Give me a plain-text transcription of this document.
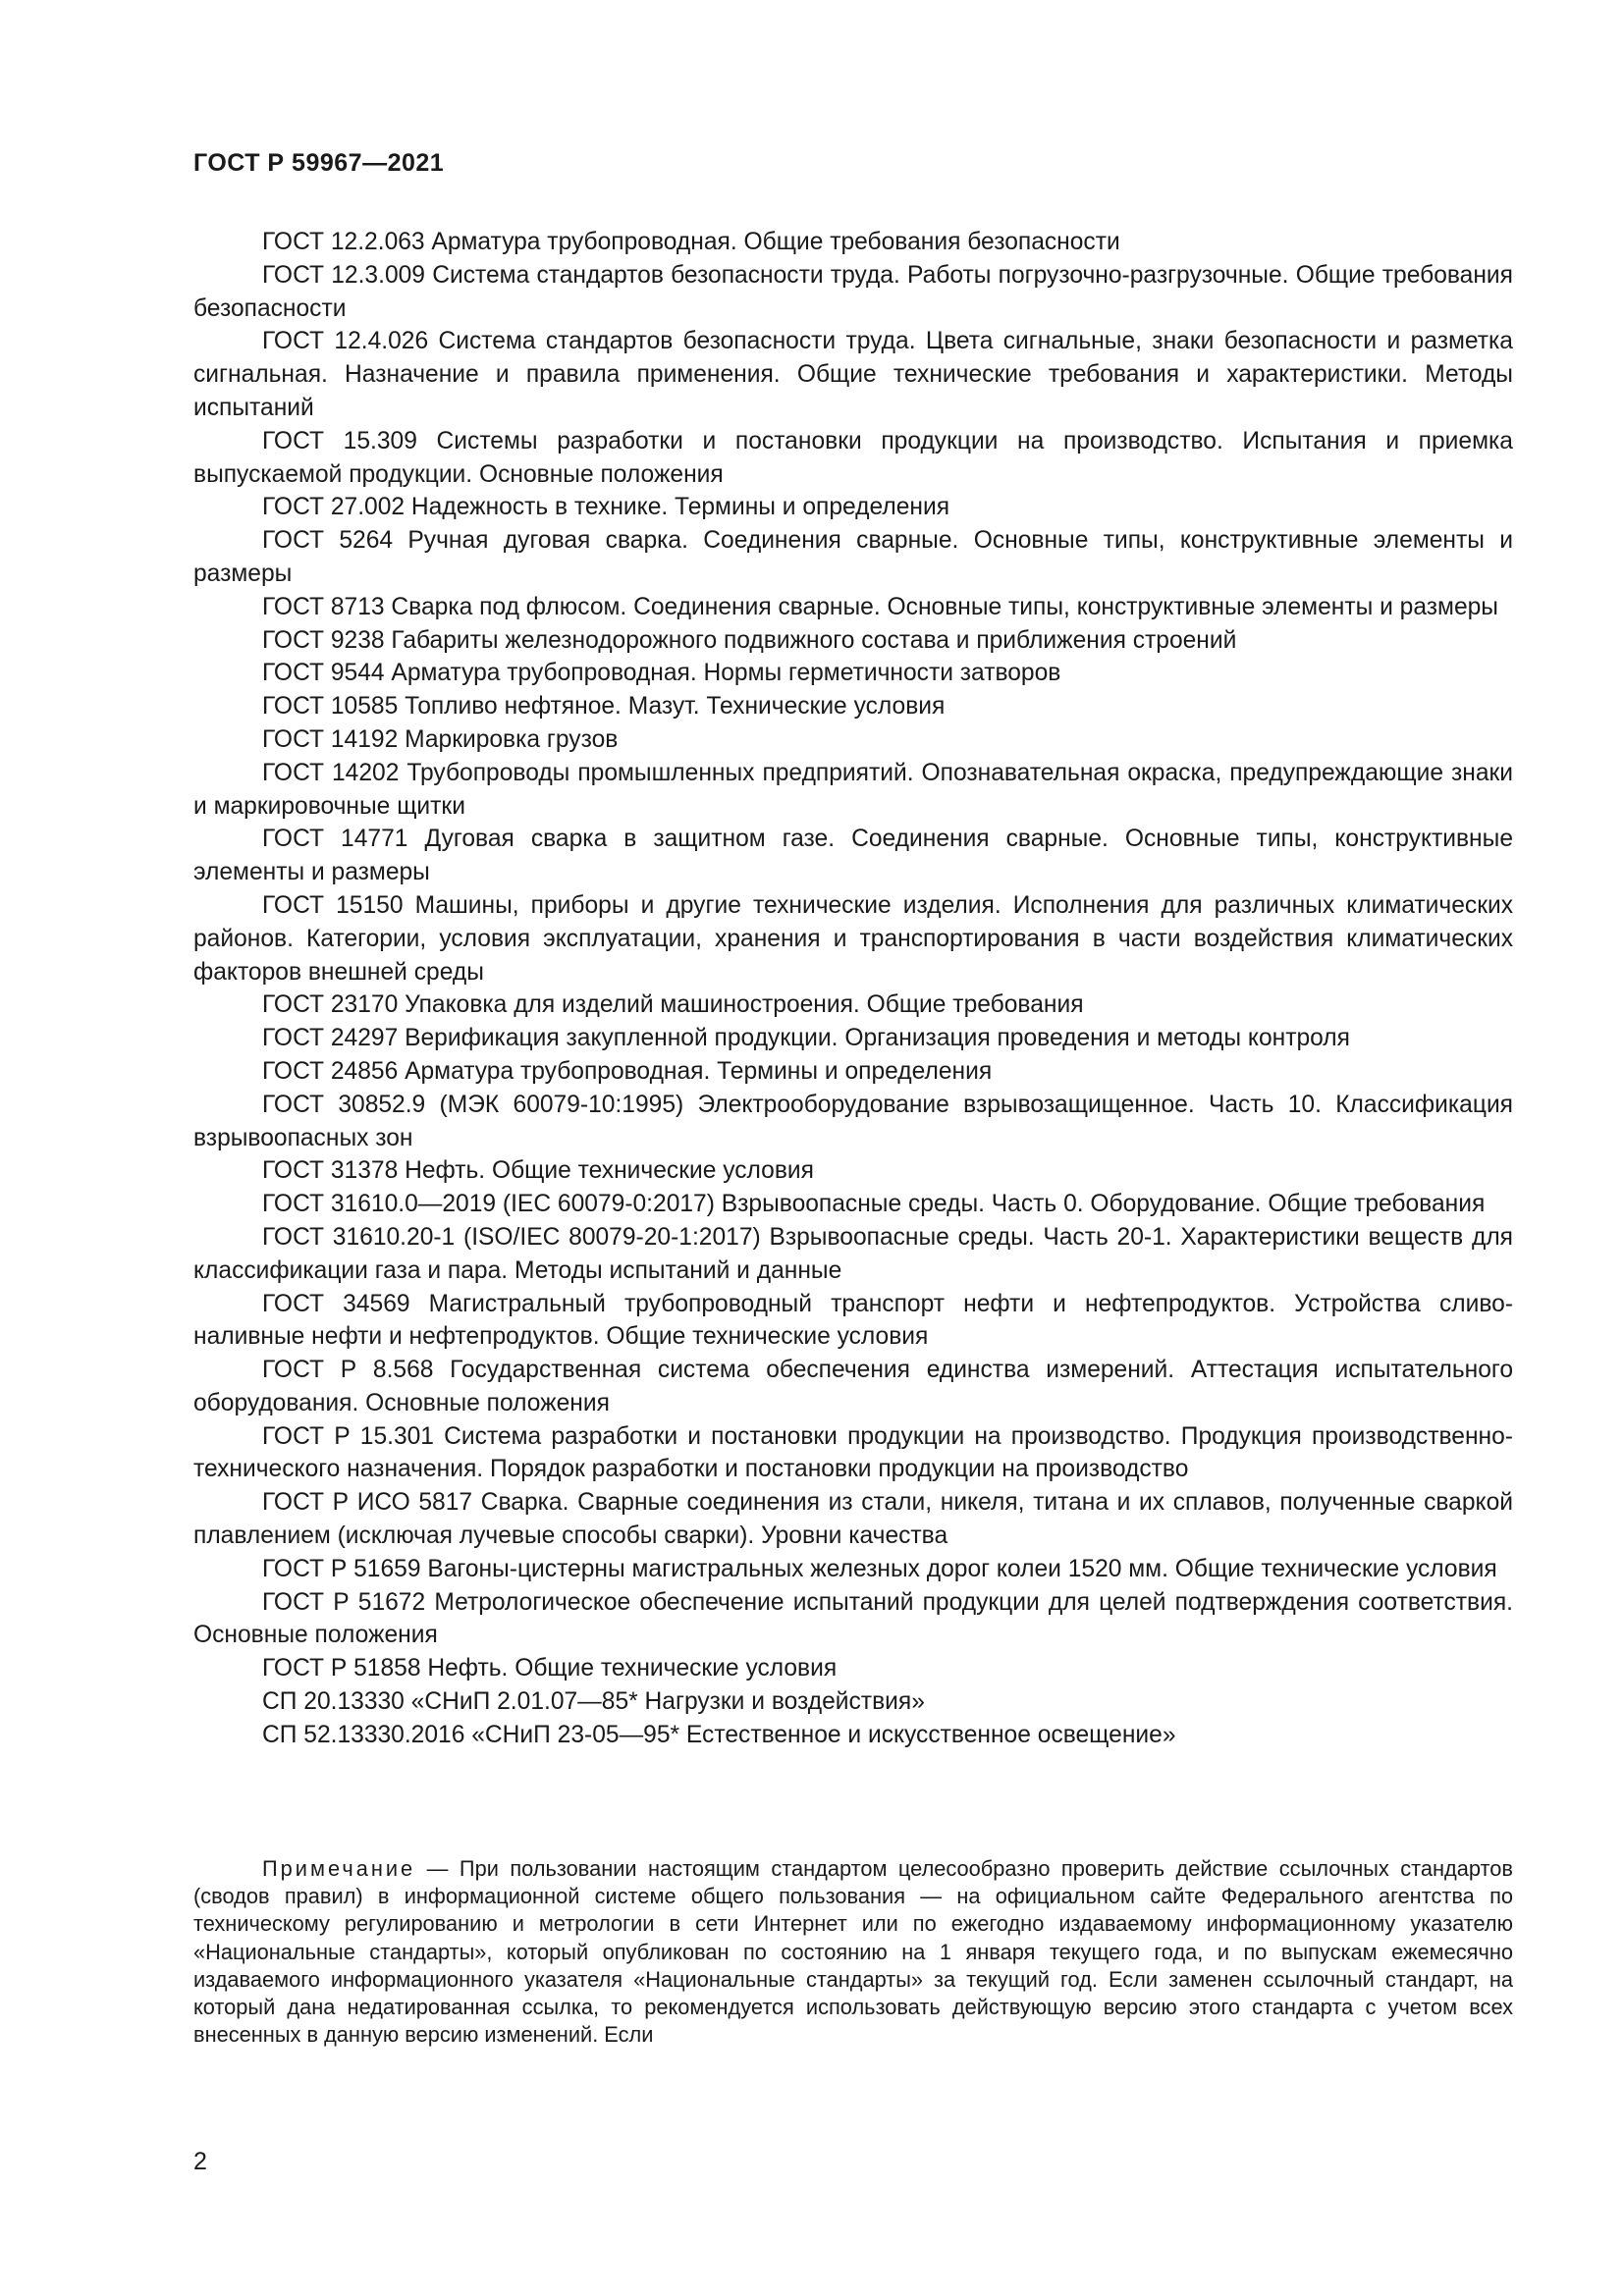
ГОСТ Р 59967—2021

ГОСТ 12.2.063 Арматура трубопроводная. Общие требования безопасности

ГОСТ 12.3.009 Система стандартов безопасности труда. Работы погрузочно-разгрузочные. Общие требования безопасности

ГОСТ 12.4.026 Система стандартов безопасности труда. Цвета сигнальные, знаки безопасности и разметка сигнальная. Назначение и правила применения. Общие технические требования и характеристики. Методы испытаний

ГОСТ 15.309 Системы разработки и постановки продукции на производство. Испытания и приемка выпускаемой продукции. Основные положения

ГОСТ 27.002 Надежность в технике. Термины и определения

ГОСТ 5264 Ручная дуговая сварка. Соединения сварные. Основные типы, конструктивные элементы и размеры

ГОСТ 8713 Сварка под флюсом. Соединения сварные. Основные типы, конструктивные элементы и размеры

ГОСТ 9238 Габариты железнодорожного подвижного состава и приближения строений

ГОСТ 9544 Арматура трубопроводная. Нормы герметичности затворов

ГОСТ 10585 Топливо нефтяное. Мазут. Технические условия

ГОСТ 14192 Маркировка грузов

ГОСТ 14202 Трубопроводы промышленных предприятий. Опознавательная окраска, предупреждающие знаки и маркировочные щитки

ГОСТ 14771 Дуговая сварка в защитном газе. Соединения сварные. Основные типы, конструктивные элементы и размеры

ГОСТ 15150 Машины, приборы и другие технические изделия. Исполнения для различных климатических районов. Категории, условия эксплуатации, хранения и транспортирования в части воздействия климатических факторов внешней среды

ГОСТ 23170 Упаковка для изделий машиностроения. Общие требования

ГОСТ 24297 Верификация закупленной продукции. Организация проведения и методы контроля

ГОСТ 24856 Арматура трубопроводная. Термины и определения

ГОСТ 30852.9 (МЭК 60079-10:1995) Электрооборудование взрывозащищенное. Часть 10. Классификация взрывоопасных зон

ГОСТ 31378 Нефть. Общие технические условия

ГОСТ 31610.0—2019 (IEC 60079-0:2017) Взрывоопасные среды. Часть 0. Оборудование. Общие требования

ГОСТ 31610.20-1 (ISO/IEC 80079-20-1:2017) Взрывоопасные среды. Часть 20-1. Характеристики веществ для классификации газа и пара. Методы испытаний и данные

ГОСТ 34569 Магистральный трубопроводный транспорт нефти и нефтепродуктов. Устройства сливо-наливные нефти и нефтепродуктов. Общие технические условия

ГОСТ Р 8.568 Государственная система обеспечения единства измерений. Аттестация испытательного оборудования. Основные положения

ГОСТ Р 15.301 Система разработки и постановки продукции на производство. Продукция производственно-технического назначения. Порядок разработки и постановки продукции на производство

ГОСТ Р ИСО 5817 Сварка. Сварные соединения из стали, никеля, титана и их сплавов, полученные сваркой плавлением (исключая лучевые способы сварки). Уровни качества

ГОСТ Р 51659 Вагоны-цистерны магистральных железных дорог колеи 1520 мм. Общие технические условия

ГОСТ Р 51672 Метрологическое обеспечение испытаний продукции для целей подтверждения соответствия. Основные положения

ГОСТ Р 51858 Нефть. Общие технические условия

СП 20.13330 «СНиП 2.01.07—85* Нагрузки и воздействия»

СП 52.13330.2016 «СНиП 23-05—95* Естественное и искусственное освещение»

Примечание — При пользовании настоящим стандартом целесообразно проверить действие ссылочных стандартов (сводов правил) в информационной системе общего пользования — на официальном сайте Федерального агентства по техническому регулированию и метрологии в сети Интернет или по ежегодно издаваемому информационному указателю «Национальные стандарты», который опубликован по состоянию на 1 января текущего года, и по выпускам ежемесячно издаваемого информационного указателя «Национальные стандарты» за текущий год. Если заменен ссылочный стандарт, на который дана недатированная ссылка, то рекомендуется использовать действующую версию этого стандарта с учетом всех внесенных в данную версию изменений. Если

2
